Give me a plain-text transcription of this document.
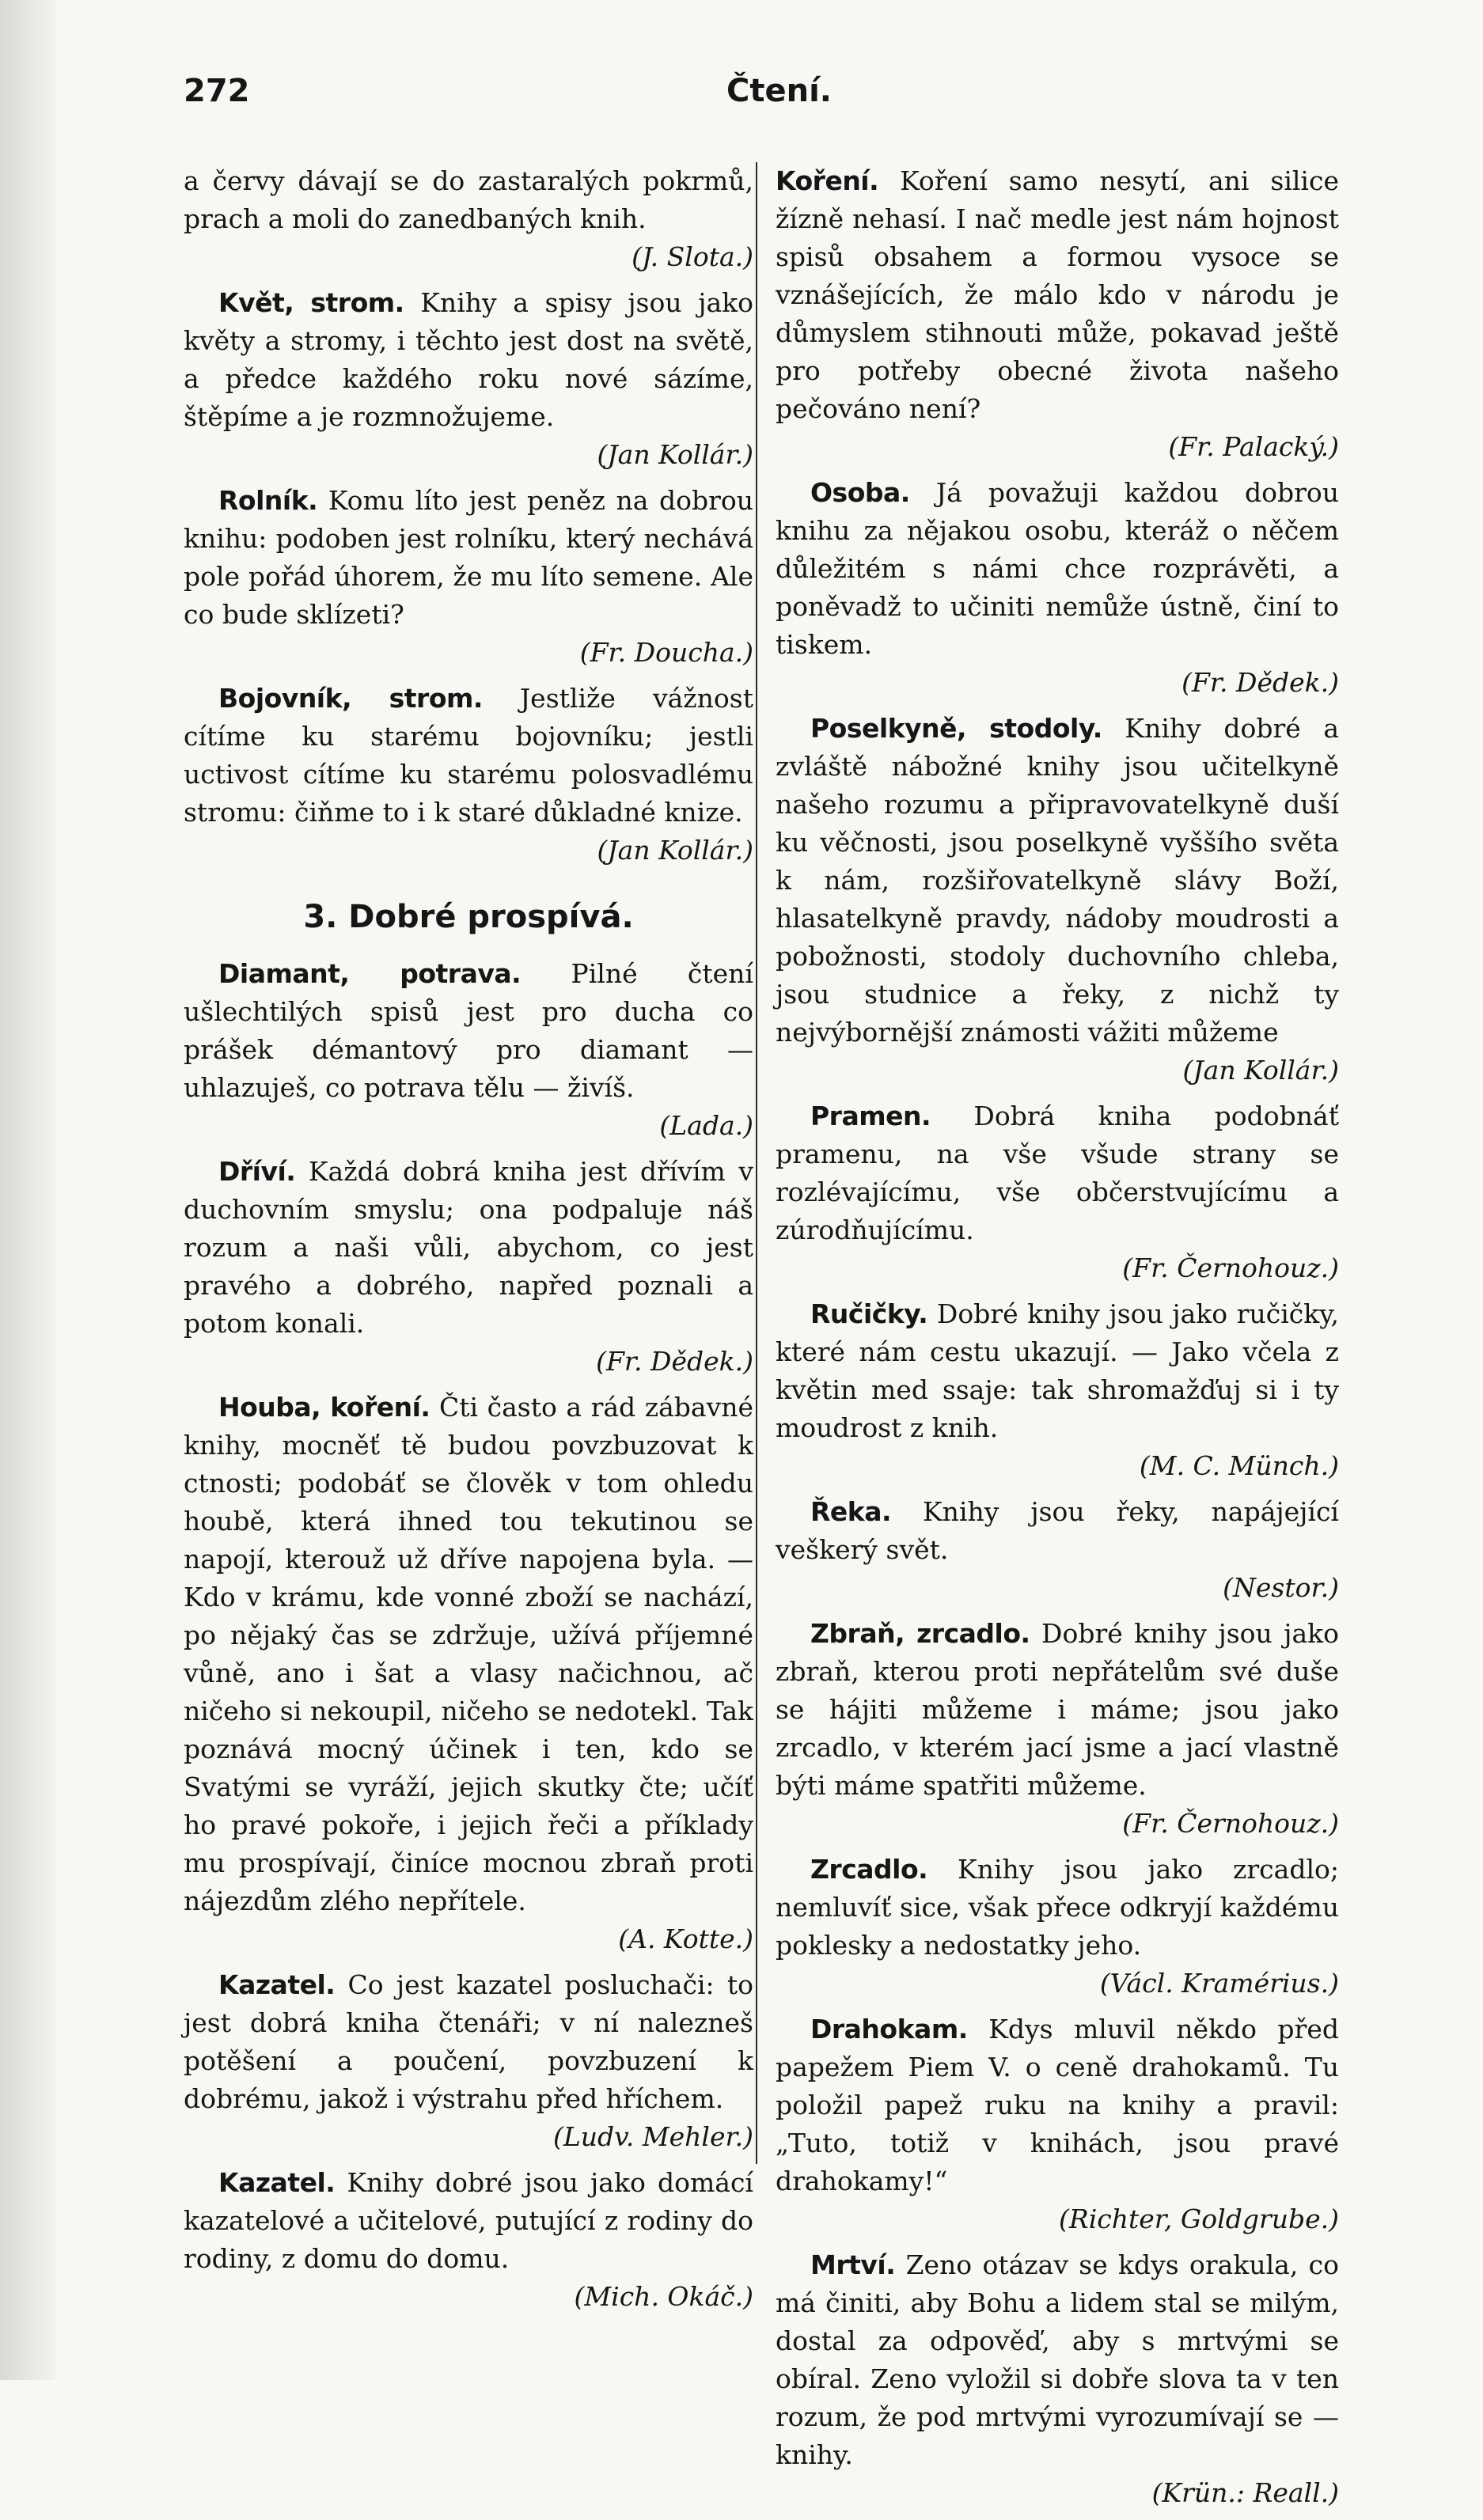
272	Čtení.

a červy dávají se do zastaralých pokrmů, prach a moli do zanedbaných knih.
(J. Slota.)

Květ, strom. Knihy a spisy jsou jako květy a stromy, i těchto jest dost na světě, a předce každého roku nové sázíme, štěpíme a je rozmnožujeme.
(Jan Kollár.)

Rolník. Komu líto jest peněz na dobrou knihu: podoben jest rolníku, který nechává pole pořád úhorem, že mu líto semene. Ale co bude sklízeti?
(Fr. Doucha.)

Bojovník, strom. Jestliže vážnost cítíme ku starému bojovníku; jestli uctivost cítíme ku starému polosvadlému stromu: čiňme to i k staré důkladné knize.
(Jan Kollár.)

3. Dobré prospívá.

Diamant, potrava. Pilné čtení ušlechtilých spisů jest pro ducha co prášek démantový pro diamant — uhlazuješ, co potrava tělu — živíš.
(Lada.)

Dříví. Každá dobrá kniha jest dřívím v duchovním smyslu; ona podpaluje náš rozum a naši vůli, abychom, co jest pravého a dobrého, napřed poznali a potom konali.
(Fr. Dědek.)

Houba, koření. Čti často a rád zábavné knihy, mocněť tě budou povzbuzovat k ctnosti; podobáť se člověk v tom ohledu houbě, která ihned tou tekutinou se napojí, kterouž už dříve napojena byla. — Kdo v krámu, kde vonné zboží se nachází, po nějaký čas se zdržuje, užívá příjemné vůně, ano i šat a vlasy načichnou, ač ničeho si nekoupil, ničeho se nedotekl. Tak poznává mocný účinek i ten, kdo se Svatými se vyráží, jejich skutky čte; učíť ho pravé pokoře, i jejich řeči a příklady mu prospívají, činíce mocnou zbraň proti nájezdům zlého nepřítele.
(A. Kotte.)

Kazatel. Co jest kazatel posluchači: to jest dobrá kniha čtenáři; v ní nalezneš potěšení a poučení, povzbuzení k dobrému, jakož i výstrahu před hříchem.
(Ludv. Mehler.)

Kazatel. Knihy dobré jsou jako domácí kazatelové a učitelové, putující z rodiny do rodiny, z domu do domu.
(Mich. Okáč.)

Koření. Koření samo nesytí, ani silice žízně nehasí. I nač medle jest nám hojnost spisů obsahem a formou vysoce se vznášejících, že málo kdo v národu je důmyslem stihnouti může, pokavad ještě pro potřeby obecné života našeho pečováno není?
(Fr. Palacký.)

Osoba. Já považuji každou dobrou knihu za nějakou osobu, kteráž o něčem důležitém s námi chce rozprávěti, a poněvadž to učiniti nemůže ústně, činí to tiskem.
(Fr. Dědek.)

Poselkyně, stodoly. Knihy dobré a zvláště nábožné knihy jsou učitelkyně našeho rozumu a připravovatelkyně duší ku věčnosti, jsou poselkyně vyššího světa k nám, rozšiřovatelkyně slávy Boží, hlasatelkyně pravdy, nádoby moudrosti a pobožnosti, stodoly duchovního chleba, jsou studnice a řeky, z nichž ty nejvýbornější známosti vážiti můžeme
(Jan Kollár.)

Pramen. Dobrá kniha podobnáť pramenu, na vše všude strany se rozlévajícímu, vše občerstvujícímu a zúrodňujícímu.
(Fr. Černohouz.)

Ručičky. Dobré knihy jsou jako ručičky, které nám cestu ukazují. — Jako včela z květin med ssaje: tak shromažďuj si i ty moudrost z knih.
(M. C. Münch.)

Řeka. Knihy jsou řeky, napájející veškerý svět.
(Nestor.)

Zbraň, zrcadlo. Dobré knihy jsou jako zbraň, kterou proti nepřátelům své duše se hájiti můžeme i máme; jsou jako zrcadlo, v kterém jací jsme a jací vlastně býti máme spatřiti můžeme.
(Fr. Černohouz.)

Zrcadlo. Knihy jsou jako zrcadlo; nemluvíť sice, však přece odkryjí každému poklesky a nedostatky jeho.
(Václ. Kramérius.)

Drahokam. Kdys mluvil někdo před papežem Piem V. o ceně drahokamů. Tu položil papež ruku na knihy a pravil: „Tuto, totiž v knihách, jsou pravé drahokamy!“
(Richter, Goldgrube.)

Mrtví. Zeno otázav se kdys orakula, co má činiti, aby Bohu a lidem stal se milým, dostal za odpověď, aby s mrtvými se obíral. Zeno vyložil si dobře slova ta v ten rozum, že pod mrtvými vyrozumívají se — knihy.
(Krün.: Reall.)
